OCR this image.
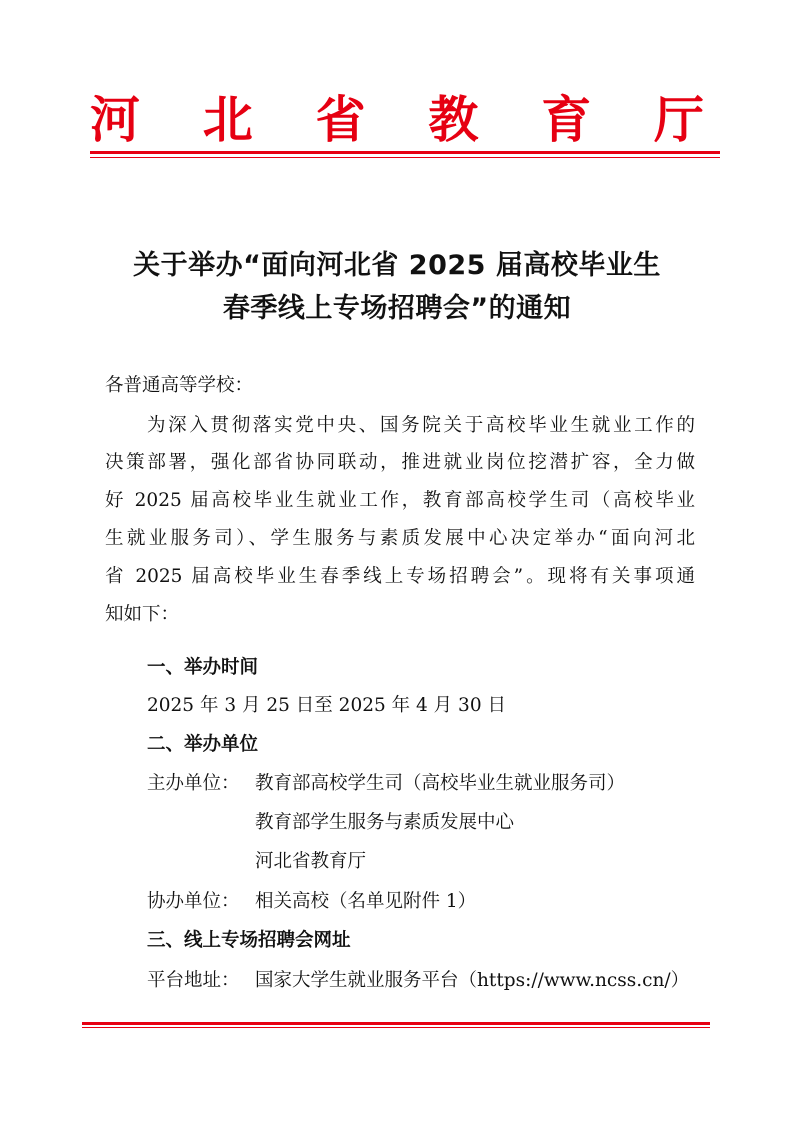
河 北 省 教 育 厅
关于举办“面向河北省 2025 届高校毕业生
春季线上专场招聘会”的通知
各普通高等学校：
为深入贯彻落实党中央、国务院关于高校毕业生就业工作的
决策部署，强化部省协同联动，推进就业岗位挖潜扩容，全力做
好 2025 届高校毕业生就业工作，教育部高校学生司（高校毕业
生就业服务司）、学生服务与素质发展中心决定举办“面向河北
省 2025 届高校毕业生春季线上专场招聘会”。现将有关事项通
知如下：
一、举办时间
2025 年 3 月 25 日至 2025 年 4 月 30 日
二、举办单位
主办单位： 教育部高校学生司（高校毕业生就业服务司）
教育部学生服务与素质发展中心
河北省教育厅
协办单位： 相关高校（名单见附件 1）
三、线上专场招聘会网址
平台地址： 国家大学生就业服务平台（https://www.ncss.cn/）
